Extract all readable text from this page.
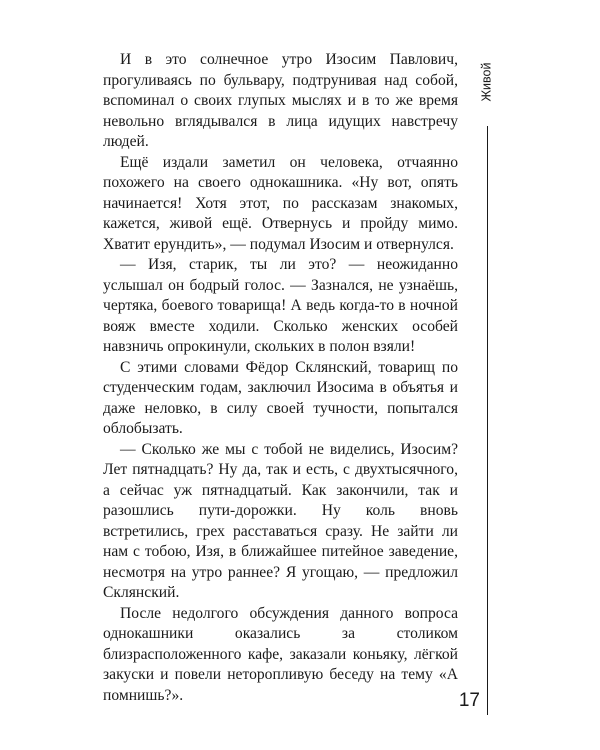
И в это солнечное утро Изосим Павлович, прогуливаясь по бульвару, подтрунивая над собой, вспоминал о своих глупых мыслях и в то же время невольно вглядывался в лица идущих навстречу людей.

Ещё издали заметил он человека, отчаянно похожего на своего однокашника. «Ну вот, опять начинается! Хотя этот, по рассказам знакомых, кажется, живой ещё. Отвернусь и пройду мимо. Хватит ерундить», — подумал Изосим и отвернулся.

— Изя, старик, ты ли это? — неожиданно услышал он бодрый голос. — Зазнался, не узнаёшь, чертяка, боевого товарища! А ведь когда-то в ночной вояж вместе ходили. Сколько женских особей навзничь опрокинули, скольких в полон взяли!

С этими словами Фёдор Склянский, товарищ по студенческим годам, заключил Изосима в объятья и даже неловко, в силу своей тучности, попытался облобызать.

— Сколько же мы с тобой не виделись, Изосим? Лет пятнадцать? Ну да, так и есть, с двухтысячного, а сейчас уж пятнадцатый. Как закончили, так и разошлись пути-дорожки. Ну коль вновь встретились, грех расставаться сразу. Не зайти ли нам с тобою, Изя, в ближайшее питейное заведение, несмотря на утро раннее? Я угощаю, — предложил Склянский.

После недолгого обсуждения данного вопроса однокашники оказались за столиком близрасположенного кафе, заказали коньяку, лёгкой закуски и повели неторопливую беседу на тему «А помнишь?».

Живой
17
